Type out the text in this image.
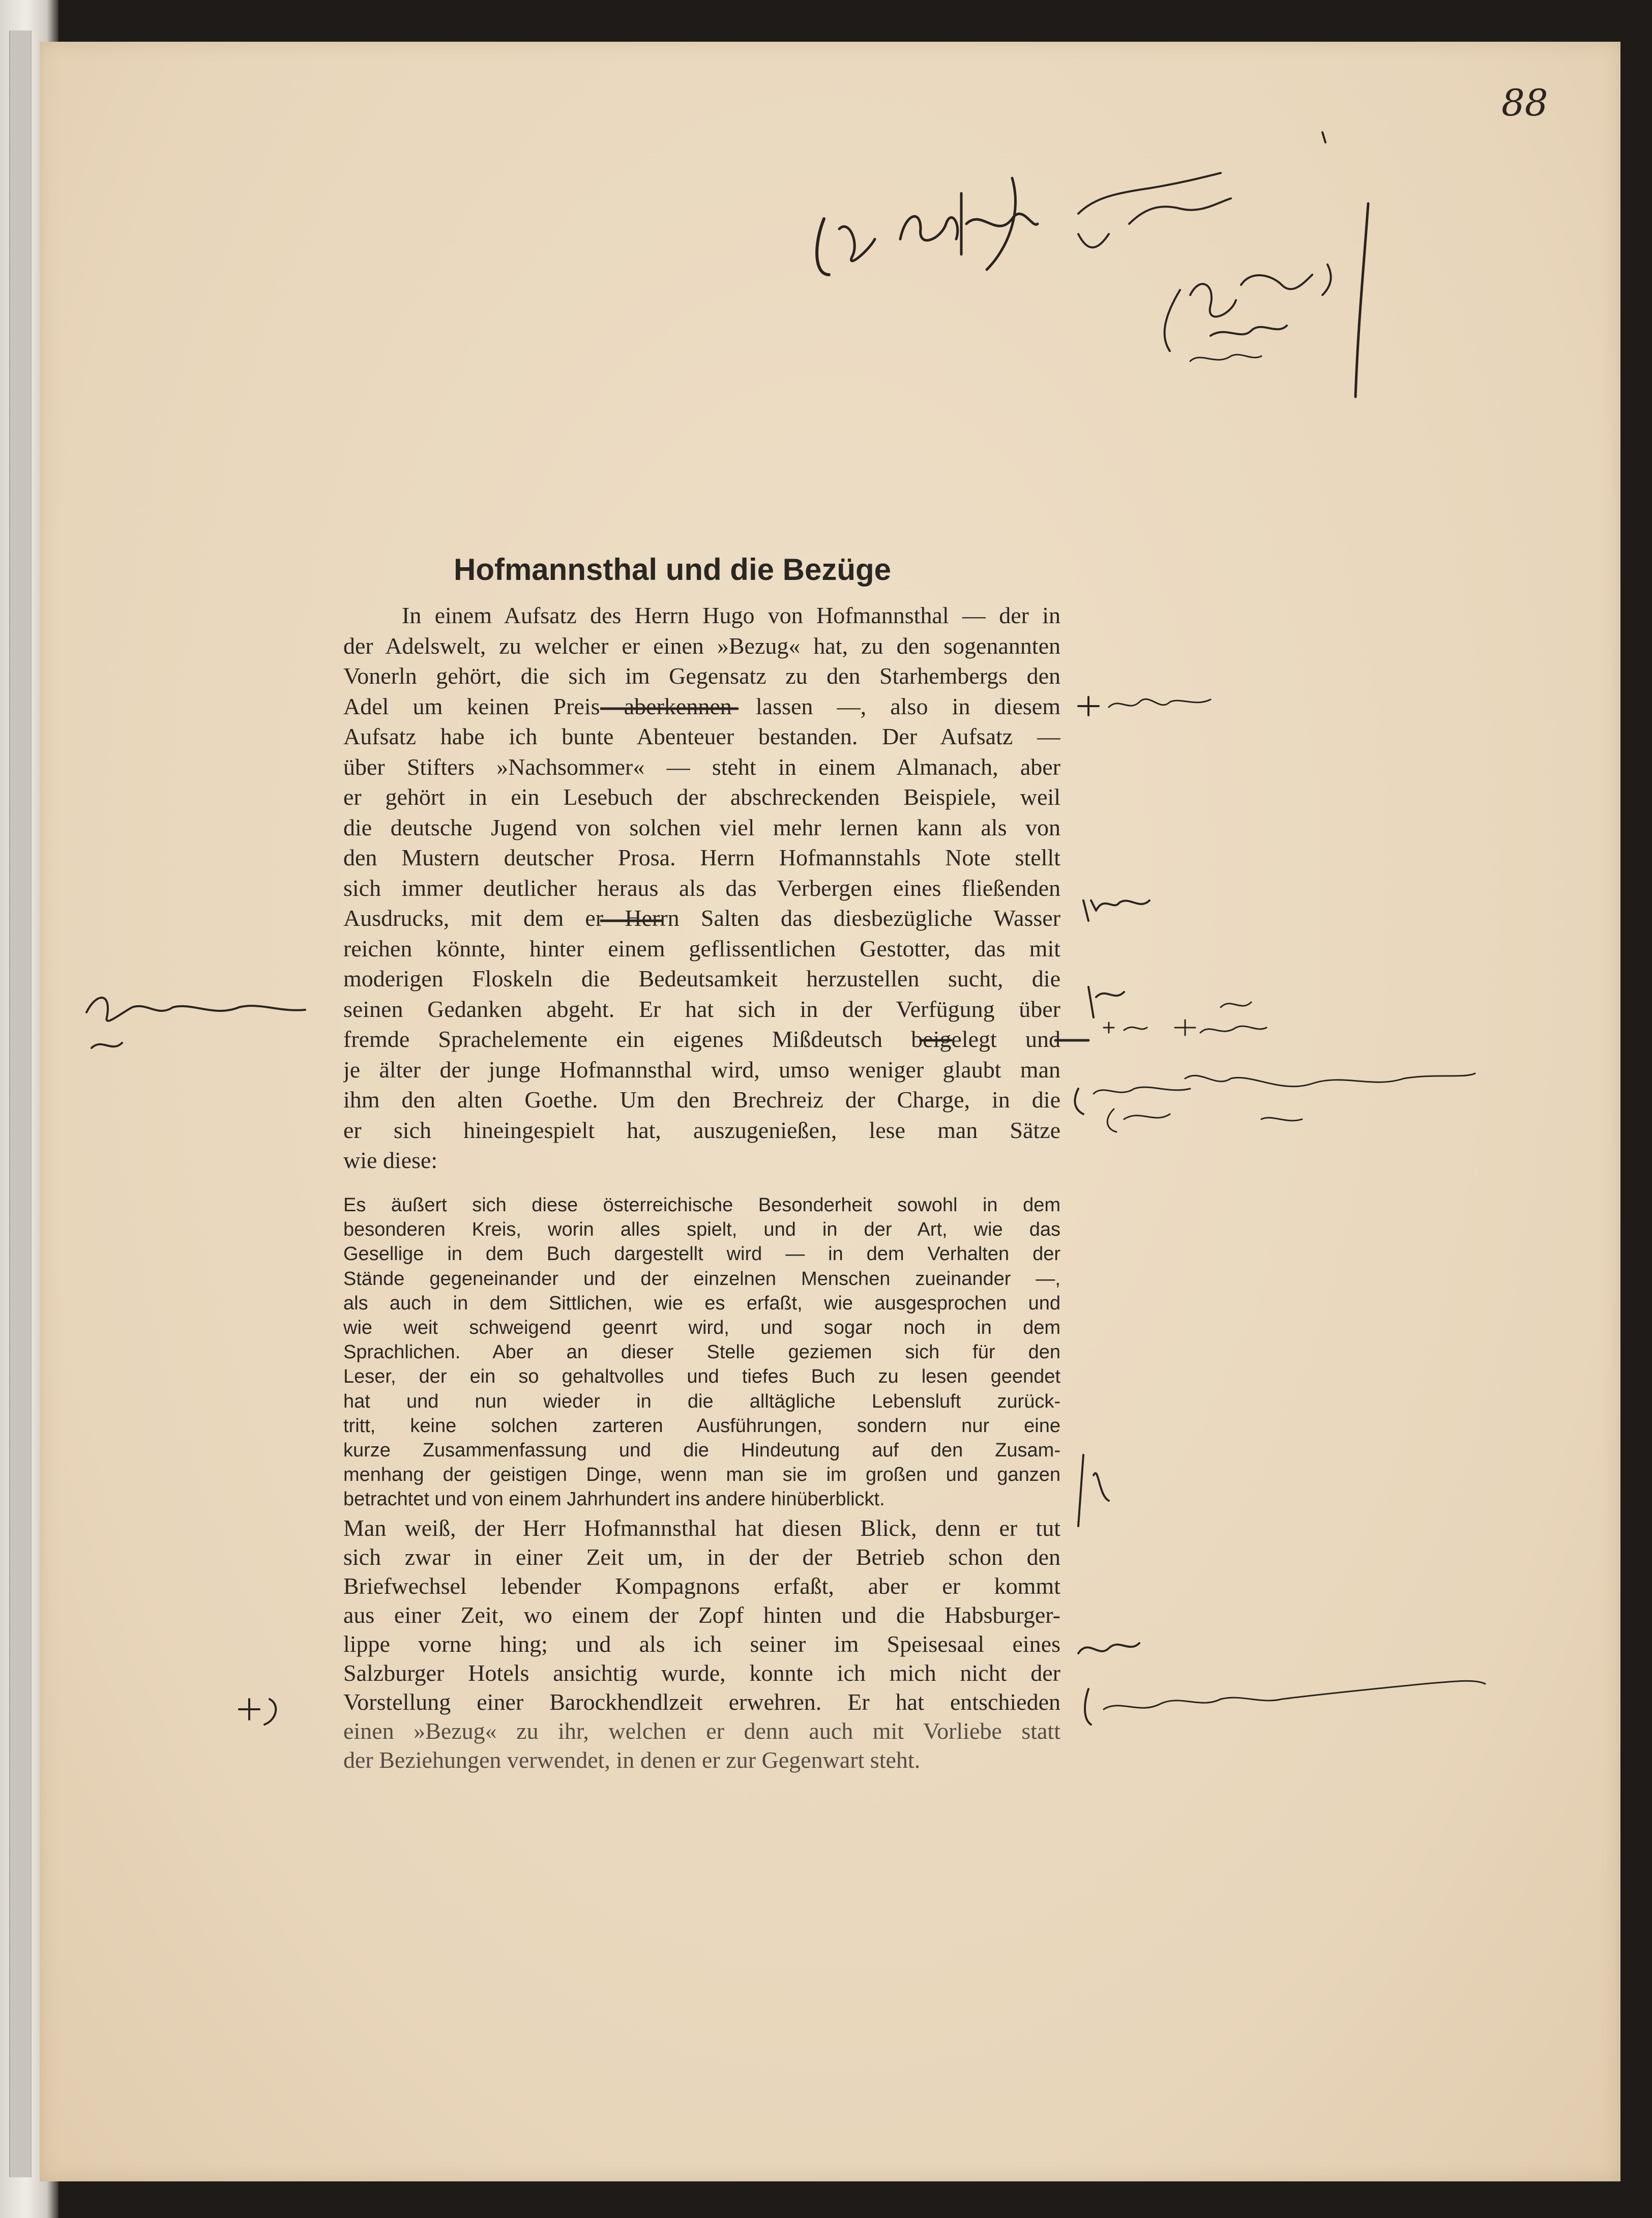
88
Hofmannsthal und die Bezüge
In einem Aufsatz des Herrn Hugo von Hofmannsthal — der in
der Adelswelt, zu welcher er einen »Bezug« hat, zu den sogenannten
Vonerln gehört, die sich im Gegensatz zu den Starhembergs den
Adel um keinen Preis aberkennen lassen —, also in diesem
Aufsatz habe ich bunte Abenteuer bestanden. Der Aufsatz —
über Stifters »Nachsommer« — steht in einem Almanach, aber
er gehört in ein Lesebuch der abschreckenden Beispiele, weil
die deutsche Jugend von solchen viel mehr lernen kann als von
den Mustern deutscher Prosa. Herrn Hofmannstahls Note stellt
sich immer deutlicher heraus als das Verbergen eines fließenden
Ausdrucks, mit dem er Herrn Salten das diesbezügliche Wasser
reichen könnte, hinter einem geflissentlichen Gestotter, das mit
moderigen Floskeln die Bedeutsamkeit herzustellen sucht, die
seinen Gedanken abgeht. Er hat sich in der Verfügung über
fremde Sprachelemente ein eigenes Mißdeutsch beigelegt und
je älter der junge Hofmannsthal wird, umso weniger glaubt man
ihm den alten Goethe. Um den Brechreiz der Charge, in die
er sich hineingespielt hat, auszugenießen, lese man Sätze
wie diese:
Es äußert sich diese österreichische Besonderheit sowohl in dem
besonderen Kreis, worin alles spielt, und in der Art, wie das
Gesellige in dem Buch dargestellt wird — in dem Verhalten der
Stände gegeneinander und der einzelnen Menschen zueinander —,
als auch in dem Sittlichen, wie es erfaßt, wie ausgesprochen und
wie weit schweigend geenrt wird, und sogar noch in dem
Sprachlichen. Aber an dieser Stelle geziemen sich für den
Leser, der ein so gehaltvolles und tiefes Buch zu lesen geendet
hat und nun wieder in die alltägliche Lebensluft zurück-
tritt, keine solchen zarteren Ausführungen, sondern nur eine
kurze Zusammenfassung und die Hindeutung auf den Zusam-
menhang der geistigen Dinge, wenn man sie im großen und ganzen
betrachtet und von einem Jahrhundert ins andere hinüberblickt.
Man weiß, der Herr Hofmannsthal hat diesen Blick, denn er tut
sich zwar in einer Zeit um, in der der Betrieb schon den
Briefwechsel lebender Kompagnons erfaßt, aber er kommt
aus einer Zeit, wo einem der Zopf hinten und die Habsburger-
lippe vorne hing; und als ich seiner im Speisesaal eines
Salzburger Hotels ansichtig wurde, konnte ich mich nicht der
Vorstellung einer Barockhendlzeit erwehren. Er hat entschieden
einen »Bezug« zu ihr, welchen er denn auch mit Vorliebe statt
der Beziehungen verwendet, in denen er zur Gegenwart steht.
